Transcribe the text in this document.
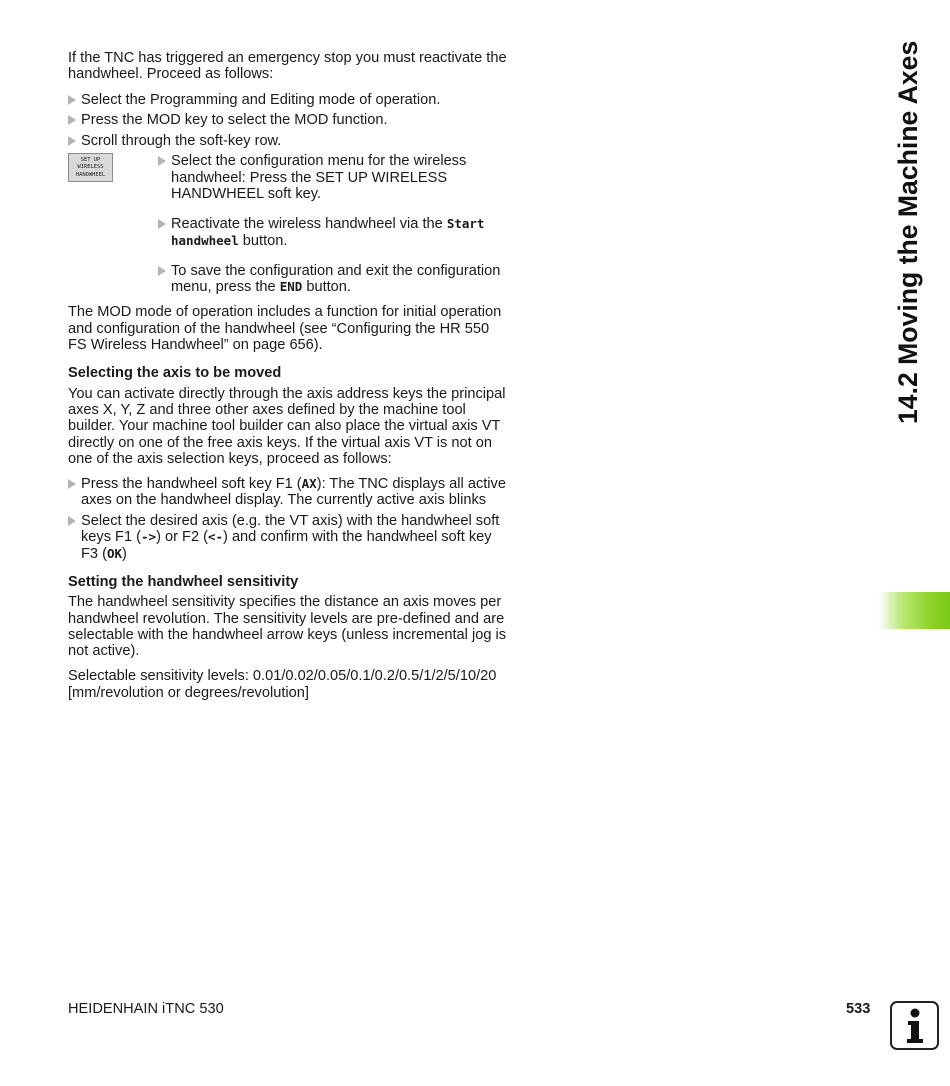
If the TNC has triggered an emergency stop you must reactivate the handwheel. Proceed as follows:

Select the Programming and Editing mode of operation.
Press the MOD key to select the MOD function.
Scroll through the soft-key row.
SET UP
WIRELESS
HANDWHEEL
Select the configuration menu for the wireless handwheel: Press the SET UP WIRELESS HANDWHEEL soft key.
Reactivate the wireless handwheel via the Start handwheel button.
To save the configuration and exit the configuration menu, press the END button.

The MOD mode of operation includes a function for initial operation and configuration of the handwheel (see “Configuring the HR 550 FS Wireless Handwheel” on page 656).

Selecting the axis to be moved

You can activate directly through the axis address keys the principal axes X, Y, Z and three other axes defined by the machine tool builder. Your machine tool builder can also place the virtual axis VT directly on one of the free axis keys. If the virtual axis VT is not on one of the axis selection keys, proceed as follows:

Press the handwheel soft key F1 (AX): The TNC displays all active axes on the handwheel display. The currently active axis blinks
Select the desired axis (e.g. the VT axis) with the handwheel soft keys F1 (->) or F2 (<-) and confirm with the handwheel soft key F3 (OK)

Setting the handwheel sensitivity

The handwheel sensitivity specifies the distance an axis moves per handwheel revolution. The sensitivity levels are pre-defined and are selectable with the handwheel arrow keys (unless incremental jog is not active).

Selectable sensitivity levels: 0.01/0.02/0.05/0.1/0.2/0.5/1/2/5/10/20 [mm/revolution or degrees/revolution]

14.2 Moving the Machine Axes
HEIDENHAIN iTNC 530	533
